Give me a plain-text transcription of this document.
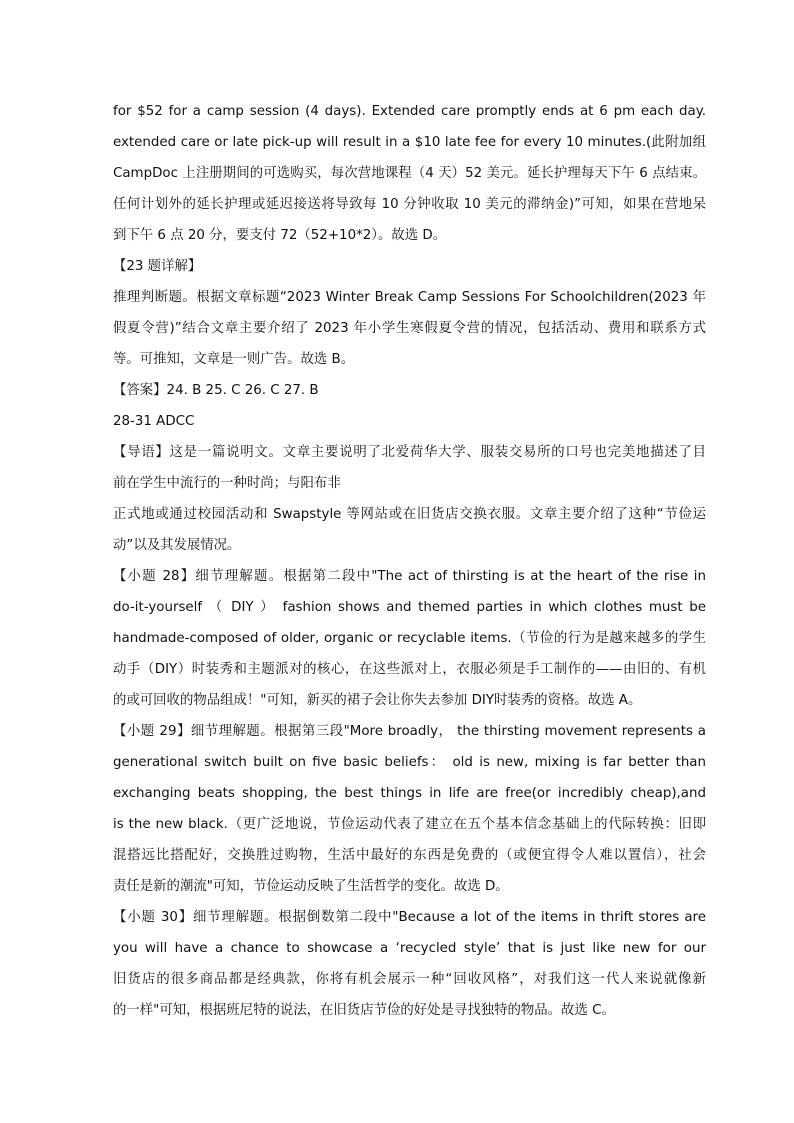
for $52 for a camp session (4 days). Extended care promptly ends at 6 pm each day.
extended care or late pick-up will result in a $10 late fee for every 10 minutes.(此附加组
CampDoc 上注册期间的可选购买，每次营地课程（4 天）52 美元。延长护理每天下午 6 点结束。
任何计划外的延长护理或延迟接送将导致每 10 分钟收取 10 美元的滞纳金)”可知，如果在营地呆
到下午 6 点 20 分，要支付 72（52+10*2）。故选 D。
【23 题详解】
推理判断题。根据文章标题“2023 Winter Break Camp Sessions For Schoolchildren(2023 年
假夏令营)”结合文章主要介绍了 2023 年小学生寒假夏令营的情况，包括活动、费用和联系方式
等。可推知，文章是一则广告。故选 B。
【答案】24. B 25. C 26. C 27. B
28-31 ADCC
【导语】这是一篇说明文。文章主要说明了北爱荷华大学、服装交易所的口号也完美地描述了目
前在学生中流行的一种时尚；与阳布非
正式地或通过校园活动和 Swapstyle 等网站或在旧货店交换衣服。文章主要介绍了这种“节俭运
动”以及其发展情况。
【小题 28】细节理解题。根据第二段中"The act of thirsting is at the heart of the rise in
do-it-yourself （ DIY ） fashion shows and themed parties in which clothes must be
handmade-composed of older, organic or recyclable items.（节俭的行为是越来越多的学生
动手（DIY）时装秀和主题派对的核心，在这些派对上，衣服必须是手工制作的——由旧的、有机
的或可回收的物品组成！"可知，新买的裙子会让你失去参加 DIY时装秀的资格。故选 A。
【小题 29】细节理解题。根据第三段"More broadly， the thirsting movement represents a
generational switch built on five basic beliefs： old is new, mixing is far better than
exchanging beats shopping, the best things in life are free(or incredibly cheap),and
is the new black.（更广泛地说，节俭运动代表了建立在五个基本信念基础上的代际转换：旧即
混搭远比搭配好，交换胜过购物，生活中最好的东西是免费的（或便宜得令人难以置信），社会
责任是新的潮流"可知，节俭运动反映了生活哲学的变化。故选 D。
【小题 30】细节理解题。根据倒数第二段中"Because a lot of the items in thrift stores are
you will have a chance to showcase a ‘recycled style’ that is just like new for our
旧货店的很多商品都是经典款，你将有机会展示一种“回收风格”，对我们这一代人来说就像新
的一样"可知，根据班尼特的说法，在旧货店节俭的好处是寻找独特的物品。故选 C。
